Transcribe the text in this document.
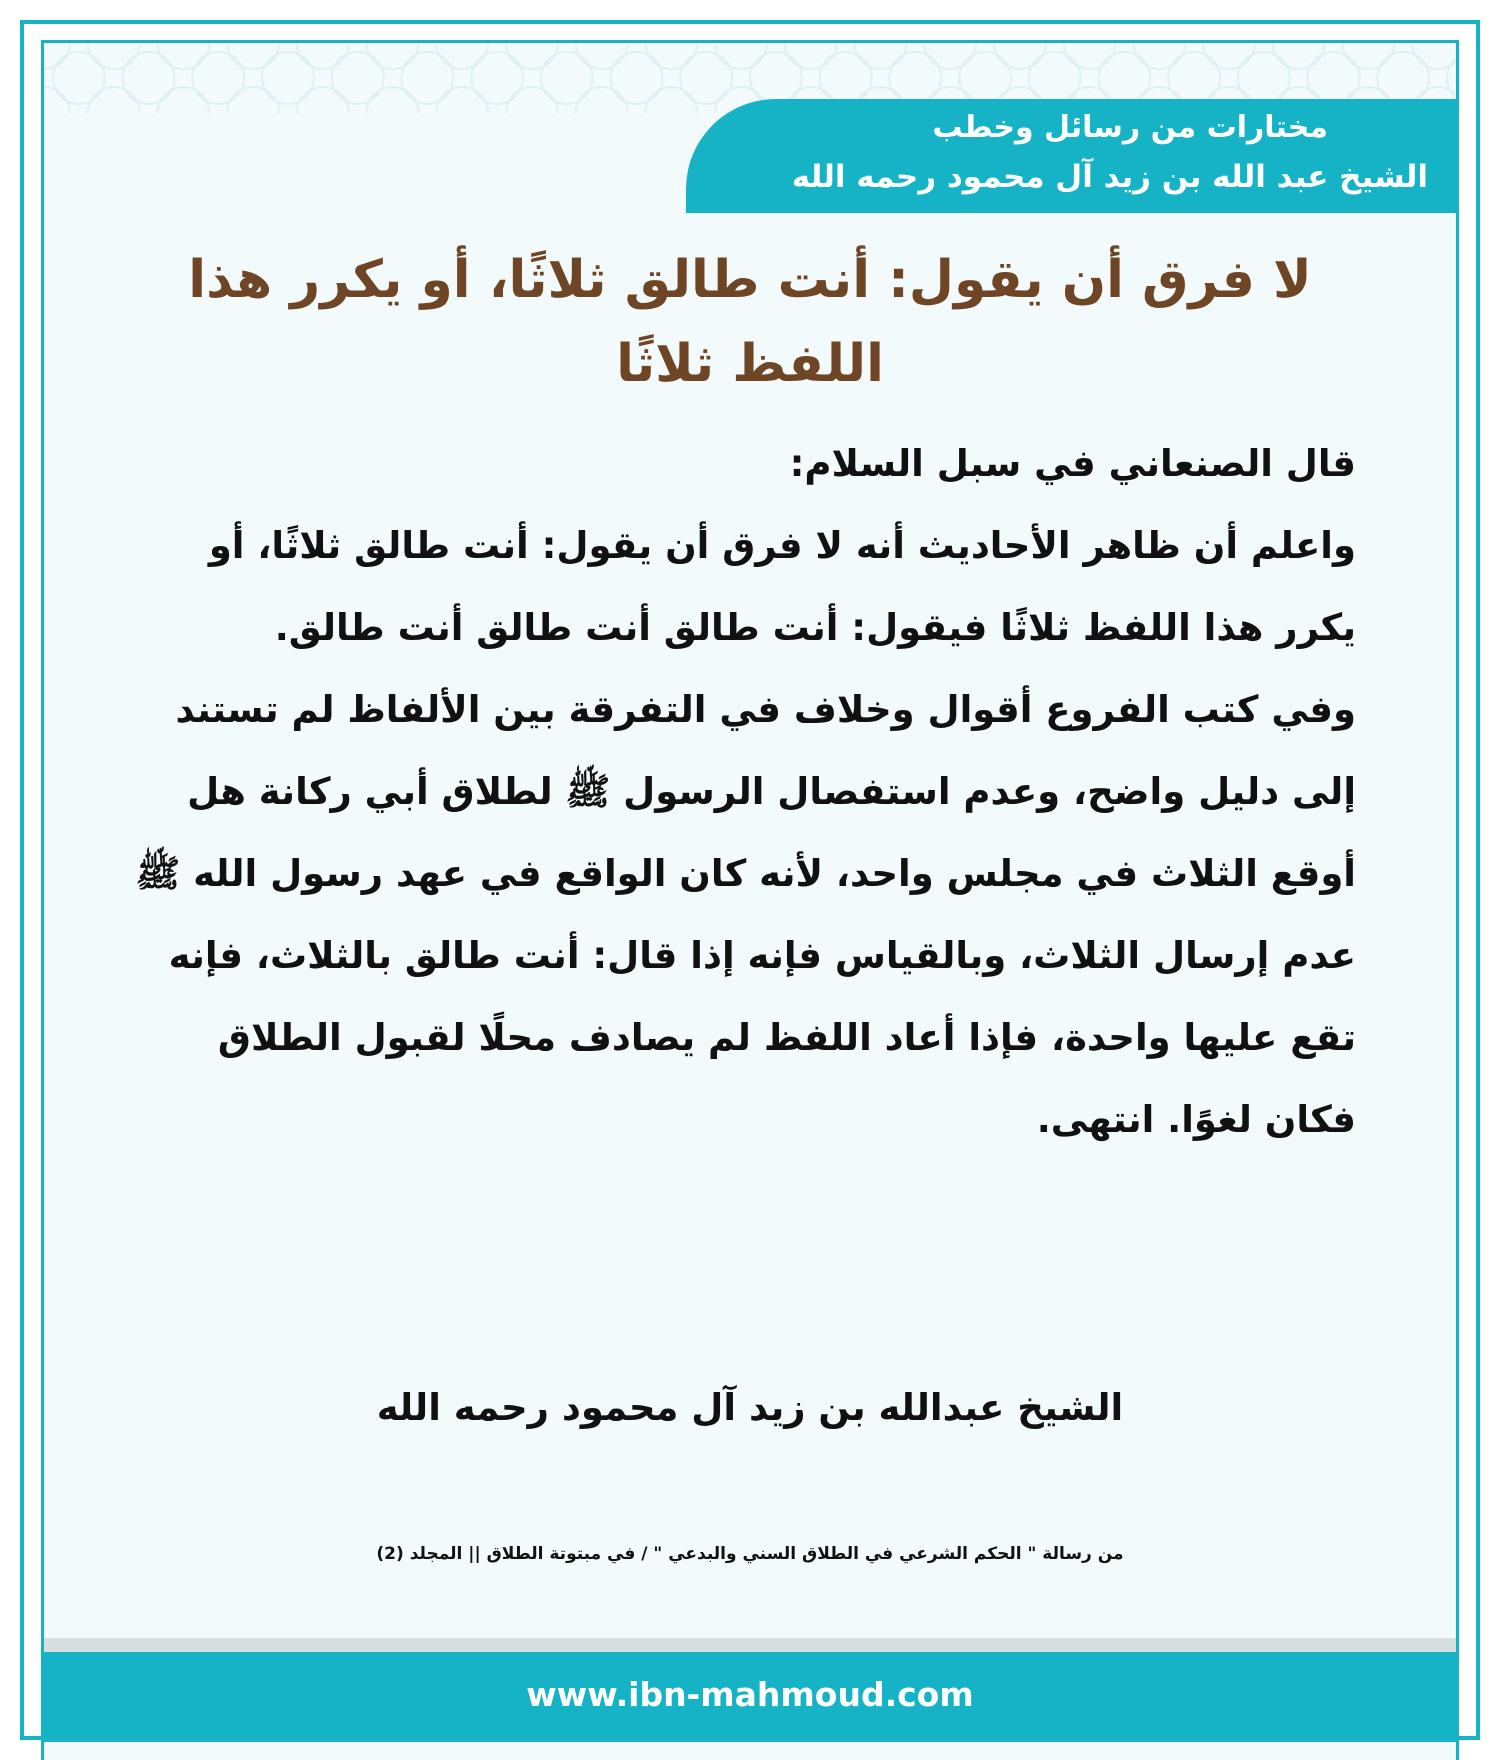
مختارات من رسائل وخطب
الشيخ عبد الله بن زيد آل محمود رحمه الله
لا فرق أن يقول: أنت طالق ثلاثًا، أو يكرر هذا اللفظ ثلاثًا

قال الصنعاني في سبل السلام:

واعلم أن ظاهر الأحاديث أنه لا فرق أن يقول: أنت طالق ثلاثًا، أو يكرر هذا اللفظ ثلاثًا فيقول: أنت طالق أنت طالق أنت طالق.

وفي كتب الفروع أقوال وخلاف في التفرقة بين الألفاظ لم تستند إلى دليل واضح، وعدم استفصال الرسول ﷺ لطلاق أبي ركانة هل أوقع الثلاث في مجلس واحد، لأنه كان الواقع في عهد رسول الله ﷺ عدم إرسال الثلاث، وبالقياس فإنه إذا قال: أنت طالق بالثلاث، فإنه تقع عليها واحدة، فإذا أعاد اللفظ لم يصادف محلًا لقبول الطلاق فكان لغوًا. انتهى.

الشيخ عبدالله بن زيد آل محمود رحمه الله
من رسالة " الحكم الشرعي في الطلاق السني والبدعي " / في مبتوتة الطلاق || المجلد (2)
www.ibn-mahmoud.com
